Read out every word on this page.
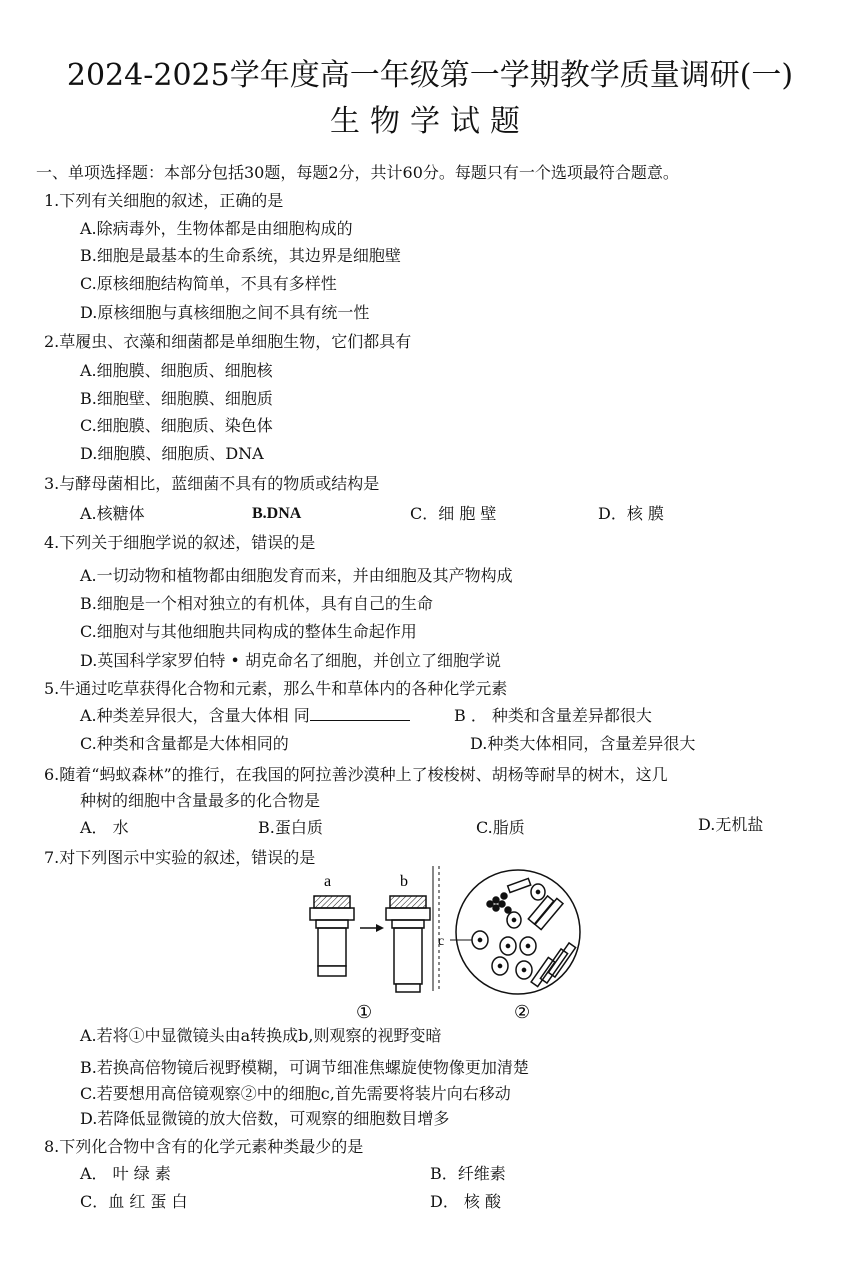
2024-2025学年度高一年级第一学期教学质量调研(一)
生物学试题
一、单项选择题：本部分包括30题，每题2分，共计60分。每题只有一个选项最符合题意。
1.下列有关细胞的叙述，正确的是
A.除病毒外，生物体都是由细胞构成的
B.细胞是最基本的生命系统，其边界是细胞壁
C.原核细胞结构简单，不具有多样性
D.原核细胞与真核细胞之间不具有统一性
2.草履虫、衣藻和细菌都是单细胞生物，它们都具有
A.细胞膜、细胞质、细胞核
B.细胞壁、细胞膜、细胞质
C.细胞膜、细胞质、染色体
D.细胞膜、细胞质、DNA
3.与酵母菌相比，蓝细菌不具有的物质或结构是
A.核糖体	B.DNA	C．细 胞 壁	D．核 膜
4.下列关于细胞学说的叙述，错误的是
A.一切动物和植物都由细胞发育而来，并由细胞及其产物构成
B.细胞是一个相对独立的有机体，具有自己的生命
C.细胞对与其他细胞共同构成的整体生命起作用
D.英国科学家罗伯特 • 胡克命名了细胞，并创立了细胞学说
5.牛通过吃草获得化合物和元素，那么牛和草体内的各种化学元素
A.种类差异很大，含量大体相 同	B ． 种类和含量差异都很大
C.种类和含量都是大体相同的	D.种类大体相同，含量差异很大
6.随着“蚂蚁森林”的推行，在我国的阿拉善沙漠种上了梭梭树、胡杨等耐旱的树木，这几
种树的细胞中含量最多的化合物是
A． 水	B.蛋白质	C.脂质	D.无机盐
7.对下列图示中实验的叙述，错误的是
a	b
c
①	②
A.若将①中显微镜头由a转换成b,则观察的视野变暗
B.若换高倍物镜后视野模糊，可调节细准焦螺旋使物像更加清楚
C.若要想用高倍镜观察②中的细胞c,首先需要将装片向右移动
D.若降低显微镜的放大倍数，可观察的细胞数目增多
8.下列化合物中含有的化学元素种类最少的是
A． 叶 绿 素	B．纤维素
C．血 红 蛋 白	D． 核 酸
